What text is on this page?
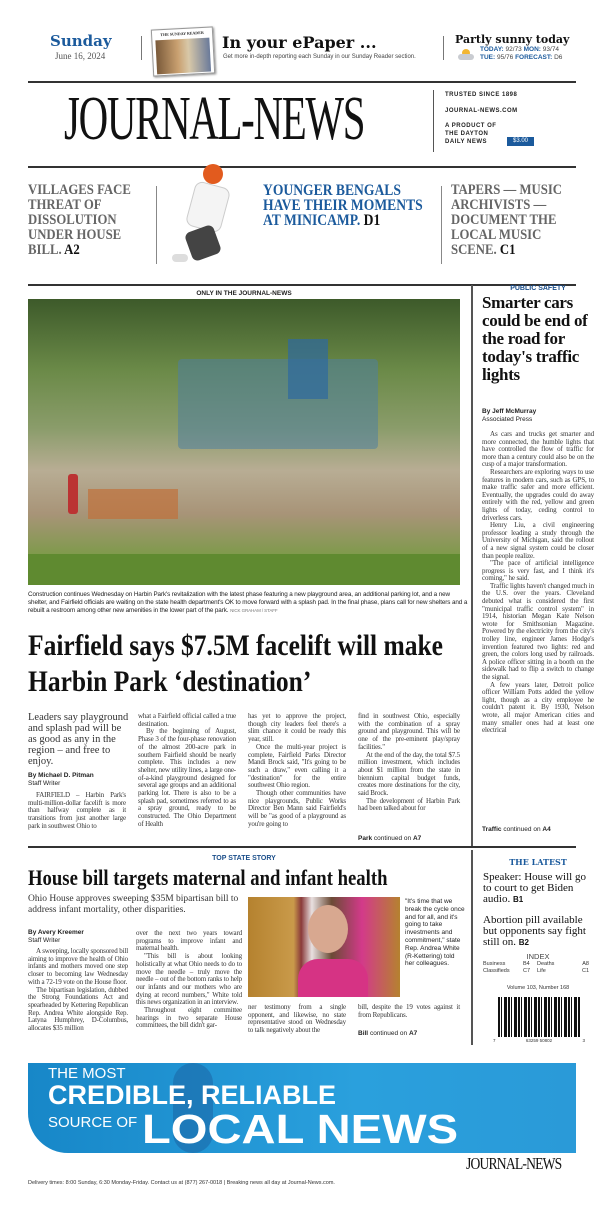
Sunday
June 16, 2024
THE SUNDAY READER	In your ePaper ...
Get more in-depth reporting each Sunday in our Sunday Reader section.
Partly sunny today
TODAY: 92/73 MON: 93/74
TUE: 95/76 FORECAST: D6
JOURNAL-NEWS	TRUSTED SINCE 1898
JOURNAL-NEWS.COM
A PRODUCT OF THE DAYTON DAILY NEWS	$3.00
VILLAGES FACE THREAT OF DISSOLUTION UNDER HOUSE BILL. A2
YOUNGER BENGALS HAVE THEIR MOMENTS AT MINICAMP. D1
TAPERS — MUSIC ARCHIVISTS — DOCUMENT THE LOCAL MUSIC SCENE. C1
ONLY IN THE JOURNAL-NEWS
Construction continues Wednesday on Harbin Park's revitalization with the latest phase featuring a new playground area, an additional parking lot, and a new shelter, and Fairfield officials are waiting on the state health department's OK to move forward with a splash pad. In the final phase, plans call for new shelters and a rebuilt a restroom among other new amenities in the lower part of the park. NICK GRAHAM / STAFF
Fairfield says $7.5M facelift will make Harbin Park ‘destination’
Leaders say playground and splash pad will be as good as any in the region – and free to enjoy.
By Michael D. Pitman
Staff Writer

FAIRFIELD – Harbin Park's multi-million-dollar facelift is more than halfway complete as it transitions from just another large park in southwest Ohio to

what a Fairfield official called a true destination.

By the beginning of August, Phase 3 of the four-phase renovation of the almost 200-acre park in southern Fairfield should be nearly complete. This includes a new shelter, new utility lines, a large one-of-a-kind playground designed for several age groups and an additional parking lot. There is also to be a splash pad, sometimes referred to as a spray ground, ready to be constructed. The Ohio Department of Health

has yet to approve the project, though city leaders feel there's a slim chance it could be ready this year, still.

Once the multi-year project is complete, Fairfield Parks Director Mandi Brock said, "It's going to be such a draw," even calling it a "destination" for the entire southwest Ohio region.

Though other communities have nice playgrounds, Public Works Director Ben Mann said Fairfield's will be "as good of a playground as you're going to

find in southwest Ohio, especially with the combination of a spray ground and playground. This will be one of the pre-eminent play/spray facilities."

At the end of the day, the total $7.5 million investment, which includes about $1 million from the state in biennium capital budget funds, creates more destinations for the city, said Brock.

The development of Harbin Park had been talked about for

Park continued on A7
PUBLIC SAFETY
Smarter cars could be end of the road for today's traffic lights
By Jeff McMurray
Associated Press

As cars and trucks get smarter and more connected, the humble lights that have controlled the flow of traffic for more than a century could also be on the cusp of a major transformation.

Researchers are exploring ways to use features in modern cars, such as GPS, to make traffic safer and more efficient. Eventually, the upgrades could do away entirely with the red, yellow and green lights of today, ceding control to driverless cars.

Henry Liu, a civil engineering professor leading a study through the University of Michigan, said the rollout of a new signal system could be closer than people realize.

"The pace of artificial intelligence progress is very fast, and I think it's coming," he said.

Traffic lights haven't changed much in the U.S. over the years. Cleveland debuted what is considered the first "municipal traffic control system" in 1914, historian Megan Kate Nelson wrote for Smithsonian Magazine. Powered by the electricity from the city's trolley line, engineer James Hodge's invention featured two lights: red and green, the colors long used by railroads. A police officer sitting in a booth on the sidewalk had to flip a switch to change the signal.

A few years later, Detroit police officer William Potts added the yellow light, though as a city employee he couldn't patent it. By 1930, Nelson wrote, all major American cities and many smaller ones had at least one electrical

Traffic continued on A4
TOP STATE STORY
House bill targets maternal and infant health
Ohio House approves sweeping $35M bipartisan bill to address infant mortality, other disparities.
By Avery Kreemer
Staff Writer

A sweeping, locally sponsored bill aiming to improve the health of Ohio infants and mothers moved one step closer to becoming law Wednesday with a 72-19 vote on the House floor.

The bipartisan legislation, dubbed the Strong Foundations Act and spearheaded by Kettering Republican Rep. Andrea White alongside Rep. Latyna Humphrey, D-Columbus, allocates $35 million

over the next two years toward programs to improve infant and maternal health.

"This bill is about looking holistically at what Ohio needs to do to move the needle – truly move the needle – out of the bottom ranks to help our infants and our mothers who are dying at record numbers," White told this news organization in an interview.

Throughout eight committee hearings in two separate House committees, the bill didn't gar-

"It's time that we break the cycle once and for all, and it's going to take investments and commitment," state Rep. Andrea White (R-Kettering) told her colleagues.

ner testimony from a single opponent, and likewise, no state representative stood on Wednesday to talk negatively about the

bill, despite the 19 votes against it from Republicans.

Bill continued on A7
THE LATEST
Speaker: House will go to court to get Biden audio. B1
Abortion pill available but opponents say fight still on. B2
INDEX
Business	B4	Deaths	A8
Classifieds	C7	Life	C1
Volume 103, Number 168
7	63259 50802	3
THE MOST
CREDIBLE, RELIABLE
SOURCE OF LOCAL NEWS
JOURNAL-NEWS
Delivery times: 8:00 Sunday, 6:30 Monday-Friday. Contact us at (877) 267-0018 | Breaking news all day at Journal-News.com.
